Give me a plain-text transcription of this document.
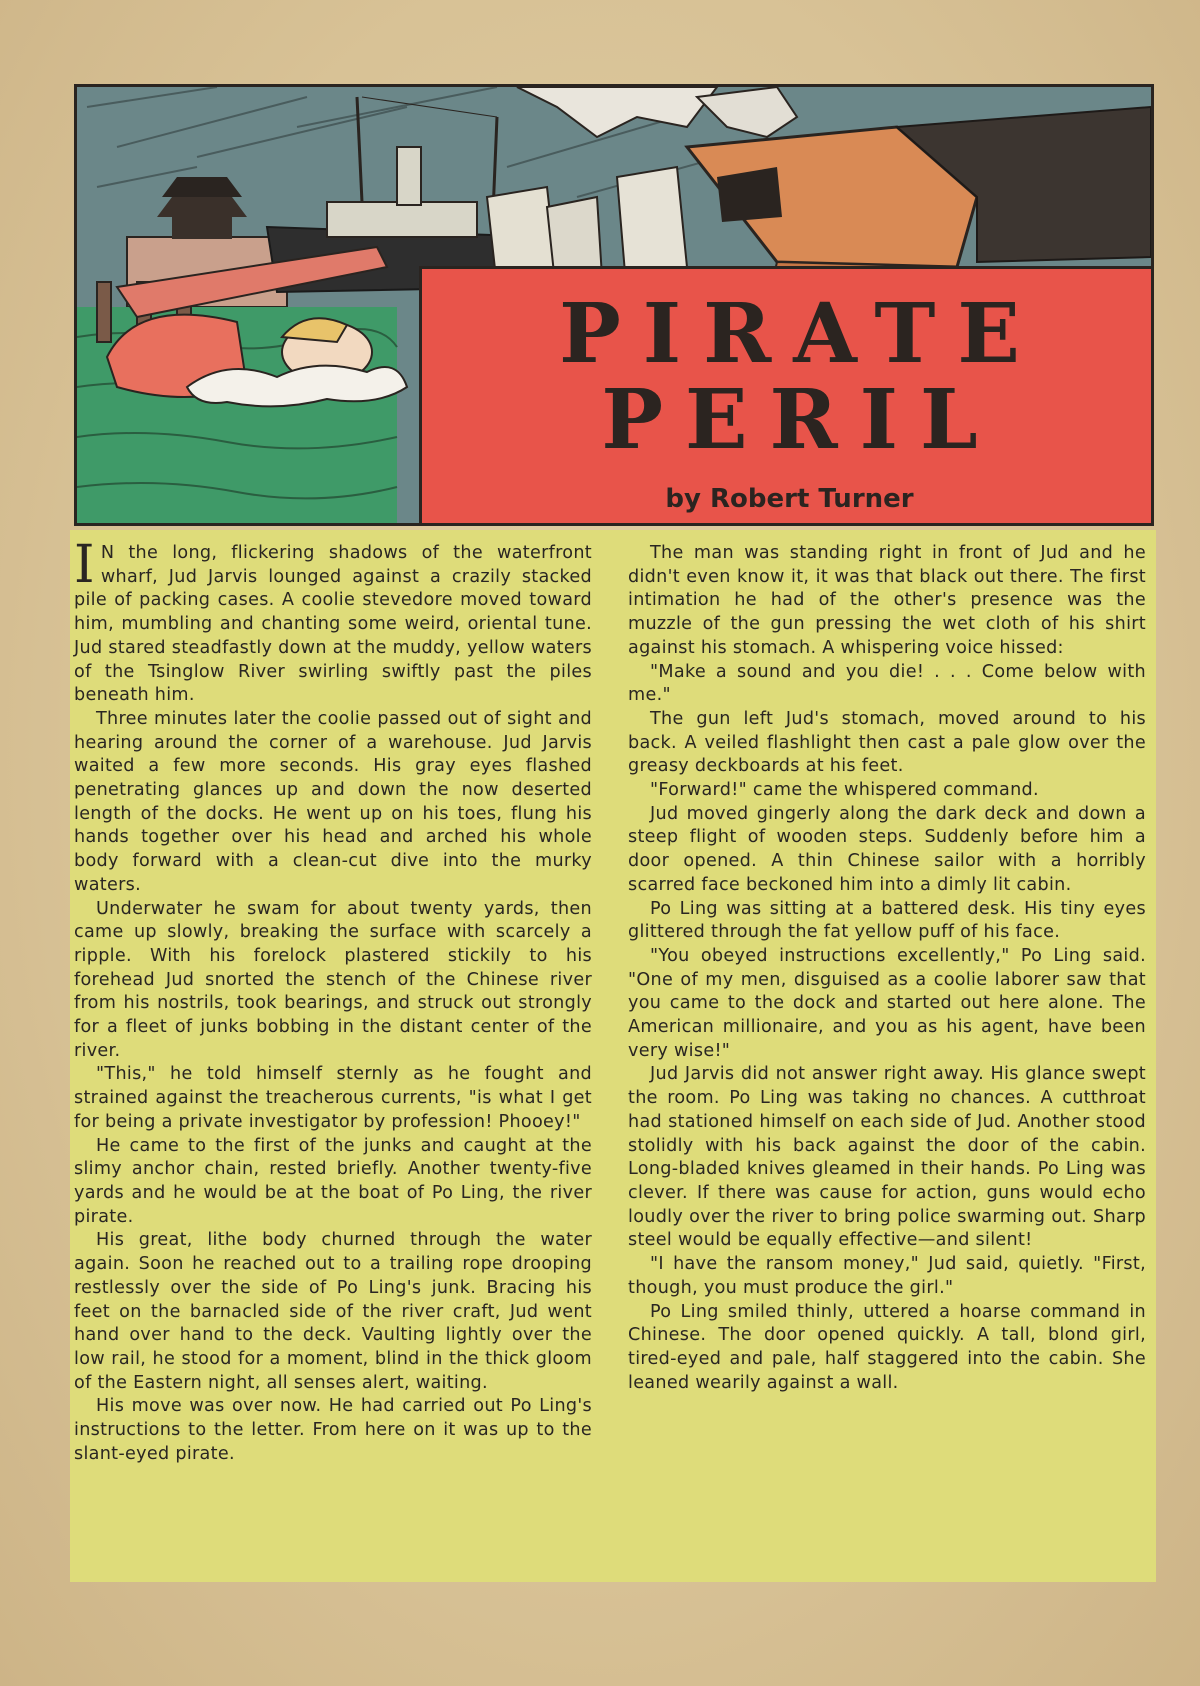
PIRATE
PERIL
by Robert Turner

I N the long, flickering shadows of the waterfront wharf, Jud Jarvis lounged against a crazily stacked pile of packing cases. A coolie stevedore moved toward him, mumbling and chanting some weird, oriental tune. Jud stared steadfastly down at the muddy, yellow waters of the Tsinglow River swirling swiftly past the piles beneath him.

Three minutes later the coolie passed out of sight and hearing around the corner of a warehouse. Jud Jarvis waited a few more seconds. His gray eyes flashed penetrating glances up and down the now deserted length of the docks. He went up on his toes, flung his hands together over his head and arched his whole body forward with a clean-cut dive into the murky waters.

Underwater he swam for about twenty yards, then came up slowly, breaking the surface with scarcely a ripple. With his forelock plastered stickily to his forehead Jud snorted the stench of the Chinese river from his nostrils, took bearings, and struck out strongly for a fleet of junks bobbing in the distant center of the river.

"This," he told himself sternly as he fought and strained against the treacherous currents, "is what I get for being a private investigator by profession! Phooey!"

He came to the first of the junks and caught at the slimy anchor chain, rested briefly. Another twenty-five yards and he would be at the boat of Po Ling, the river pirate.

His great, lithe body churned through the water again. Soon he reached out to a trailing rope drooping restlessly over the side of Po Ling's junk. Bracing his feet on the barnacled side of the river craft, Jud went hand over hand to the deck. Vaulting lightly over the low rail, he stood for a moment, blind in the thick gloom of the Eastern night, all senses alert, waiting.

His move was over now. He had carried out Po Ling's instructions to the letter. From here on it was up to the slant-eyed pirate.

The man was standing right in front of Jud and he didn't even know it, it was that black out there. The first intimation he had of the other's presence was the muzzle of the gun pressing the wet cloth of his shirt against his stomach. A whispering voice hissed:

"Make a sound and you die! . . . Come below with me."

The gun left Jud's stomach, moved around to his back. A veiled flashlight then cast a pale glow over the greasy deckboards at his feet.

"Forward!" came the whispered command.

Jud moved gingerly along the dark deck and down a steep flight of wooden steps. Suddenly before him a door opened. A thin Chinese sailor with a horribly scarred face beckoned him into a dimly lit cabin.

Po Ling was sitting at a battered desk. His tiny eyes glittered through the fat yellow puff of his face.

"You obeyed instructions excellently," Po Ling said. "One of my men, disguised as a coolie laborer saw that you came to the dock and started out here alone. The American millionaire, and you as his agent, have been very wise!"

Jud Jarvis did not answer right away. His glance swept the room. Po Ling was taking no chances. A cutthroat had stationed himself on each side of Jud. Another stood stolidly with his back against the door of the cabin. Long-bladed knives gleamed in their hands. Po Ling was clever. If there was cause for action, guns would echo loudly over the river to bring police swarming out. Sharp steel would be equally effective—and silent!

"I have the ransom money," Jud said, quietly. "First, though, you must produce the girl."

Po Ling smiled thinly, uttered a hoarse command in Chinese. The door opened quickly. A tall, blond girl, tired-eyed and pale, half staggered into the cabin. She leaned wearily against a wall.
